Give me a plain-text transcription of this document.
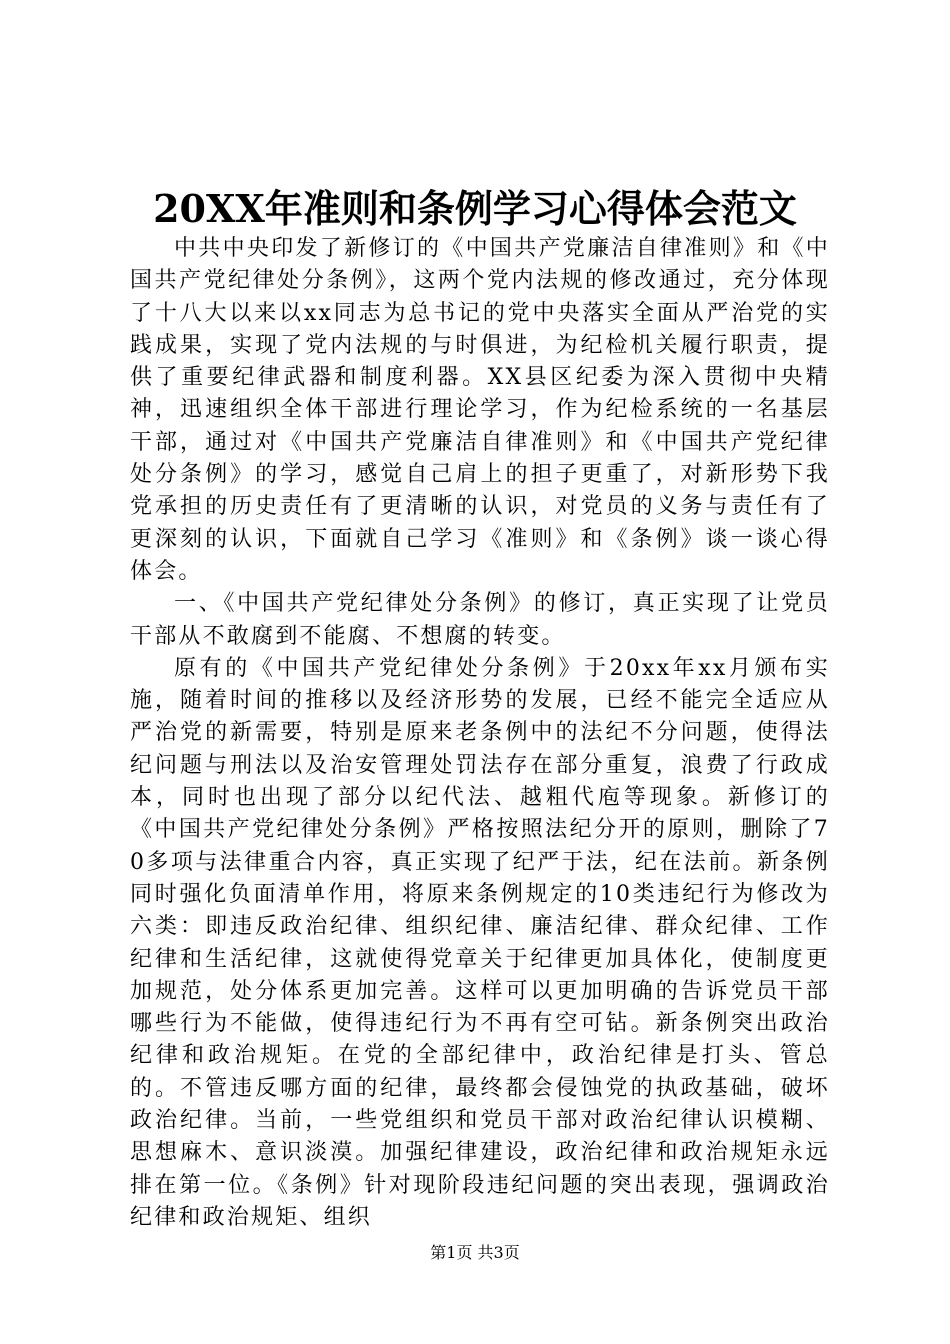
20XX年准则和条例学习心得体会范文

中共中央印发了新修订的《中国共产党廉洁自律准则》和《中国共产党纪律处分条例》，这两个党内法规的修改通过，充分体现了十八大以来以xx同志为总书记的党中央落实全面从严治党的实践成果，实现了党内法规的与时俱进，为纪检机关履行职责，提供了重要纪律武器和制度利器。XX县区纪委为深入贯彻中央精神，迅速组织全体干部进行理论学习，作为纪检系统的一名基层干部，通过对《中国共产党廉洁自律准则》和《中国共产党纪律处分条例》的学习，感觉自己肩上的担子更重了，对新形势下我党承担的历史责任有了更清晰的认识，对党员的义务与责任有了更深刻的认识，下面就自己学习《准则》和《条例》谈一谈心得体会。

一、《中国共产党纪律处分条例》的修订，真正实现了让党员干部从不敢腐到不能腐、不想腐的转变。

原有的《中国共产党纪律处分条例》于20xx年xx月颁布实施，随着时间的推移以及经济形势的发展，已经不能完全适应从严治党的新需要，特别是原来老条例中的法纪不分问题，使得法纪问题与刑法以及治安管理处罚法存在部分重复，浪费了行政成本，同时也出现了部分以纪代法、越粗代庖等现象。新修订的《中国共产党纪律处分条例》严格按照法纪分开的原则，删除了70多项与法律重合内容，真正实现了纪严于法，纪在法前。新条例同时强化负面清单作用，将原来条例规定的10类违纪行为修改为六类：即违反政治纪律、组织纪律、廉洁纪律、群众纪律、工作纪律和生活纪律，这就使得党章关于纪律更加具体化，使制度更加规范，处分体系更加完善。这样可以更加明确的告诉党员干部哪些行为不能做，使得违纪行为不再有空可钻。新条例突出政治纪律和政治规矩。在党的全部纪律中，政治纪律是打头、管总的。不管违反哪方面的纪律，最终都会侵蚀党的执政基础，破坏政治纪律。当前，一些党组织和党员干部对政治纪律认识模糊、思想麻木、意识淡漠。加强纪律建设，政治纪律和政治规矩永远排在第一位。《条例》针对现阶段违纪问题的突出表现，强调政治纪律和政治规矩、组织

第1页 共3页
